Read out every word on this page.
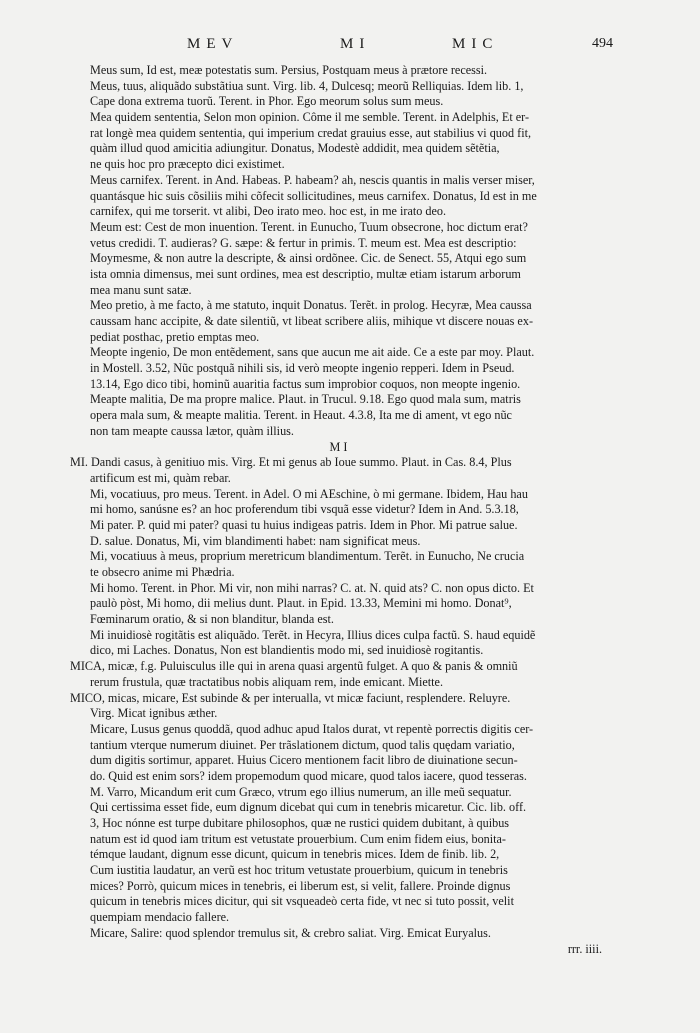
MEV	MI	MIC	494
Meus sum, Id est, meæ potestatis sum. Persius, Postquam meus à prætore recessi.
Meus, tuus, aliquãdo substãtiua sunt. Virg. lib. 4, Dulcesq; meorũ Relliquias. Idem lib. 1,
Cape dona extrema tuorũ. Terent. in Phor. Ego meorum solus sum meus.
Mea quidem sententia, Selon mon opinion. Côme il me semble. Terent. in Adelphis, Et er-
rat longè mea quidem sententia, qui imperium credat grauius esse, aut stabilius vi quod fit,
quàm illud quod amicitia adiungitur. Donatus, Modestè addidit, mea quidem sẽtẽtia,
ne quis hoc pro præcepto dici existimet.
Meus carnifex. Terent. in And. Habeas. P. habeam? ah, nescis quantis in malis verser miser,
quantásque hic suis cõsiliis mihi cõfecit sollicitudines, meus carnifex. Donatus, Id est in me
carnifex, qui me torserit. vt alibi, Deo irato meo. hoc est, in me irato deo.
Meum est: Cest de mon inuention. Terent. in Eunucho, Tuum obsecrone, hoc dictum erat?
vetus credidi. T. audieras? G. sæpe: & fertur in primis. T. meum est. Mea est descriptio:
Moymesme, & non autre la descripte, & ainsi ordõnee. Cic. de Senect. 55, Atqui ego sum
ista omnia dimensus, mei sunt ordines, mea est descriptio, multæ etiam istarum arborum
mea manu sunt satæ.
Meo pretio, à me facto, à me statuto, inquit Donatus. Terẽt. in prolog. Hecyræ, Mea caussa
caussam hanc accipite, & date silentiũ, vt libeat scribere aliis, mihique vt discere nouas ex-
pediat posthac, pretio emptas meo.
Meopte ingenio, De mon entẽdement, sans que aucun me ait aide. Ce a este par moy. Plaut.
in Mostell. 3.52, Nũc postquã nihili sis, id verò meopte ingenio repperi. Idem in Pseud.
13.14, Ego dico tibi, hominũ auaritia factus sum improbior coquos, non meopte ingenio.
Meapte malitia, De ma propre malice. Plaut. in Trucul. 9.18. Ego quod mala sum, matris
opera mala sum, & meapte malitia. Terent. in Heaut. 4.3.8, Ita me di ament, vt ego nũc
non tam meapte caussa lætor, quàm illius.
MI
MI. Dandi casus, à genitiuo mis. Virg. Et mi genus ab Ioue summo. Plaut. in Cas. 8.4, Plus
artificum est mi, quàm rebar.
Mi, vocatiuus, pro meus. Terent. in Adel. O mi AEschine, ò mi germane. Ibidem, Hau hau
mi homo, sanúsne es? an hoc proferendum tibi vsquã esse videtur? Idem in And. 5.3.18,
Mi pater. P. quid mi pater? quasi tu huius indigeas patris. Idem in Phor. Mi patrue salue.
D. salue. Donatus, Mi, vim blandimenti habet: nam significat meus.
Mi, vocatiuus à meus, proprium meretricum blandimentum. Terẽt. in Eunucho, Ne crucia
te obsecro anime mi Phædria.
Mi homo. Terent. in Phor. Mi vir, non mihi narras? C. at. N. quid ats? C. non opus dicto. Et
paulò pòst, Mi homo, dii melius dunt. Plaut. in Epid. 13.33, Memini mi homo. Donat⁹,
Fœminarum oratio, & si non blanditur, blanda est.
Mi inuidiosè rogitãtis est aliquãdo. Terẽt. in Hecyra, Illius dices culpa factũ. S. haud equidẽ
dico, mi Laches. Donatus, Non est blandientis modo mi, sed inuidiosè rogitantis.
MICA, micæ, f.g. Puluisculus ille qui in arena quasi argentũ fulget. A quo & panis & omniũ
rerum frustula, quæ tractatibus nobis aliquam rem, inde emicant. Miette.
MICO, micas, micare, Est subinde & per interualla, vt micæ faciunt, resplendere. Reluyre.
Virg. Micat ignibus æther.
Micare, Lusus genus quoddã, quod adhuc apud Italos durat, vt repentè porrectis digitis cer-
tantium vterque numerum diuinet. Per trãslationem dictum, quod talis quędam variatio,
dum digitis sortimur, apparet. Huius Cicero mentionem facit libro de diuinatione secun-
do. Quid est enim sors? idem propemodum quod micare, quod talos iacere, quod tesseras.
M. Varro, Micandum erit cum Græco, vtrum ego illius numerum, an ille meũ sequatur.
Qui certissima esset fide, eum dignum dicebat qui cum in tenebris micaretur. Cic. lib. off.
3, Hoc nónne est turpe dubitare philosophos, quæ ne rustici quidem dubitant, à quibus
natum est id quod iam tritum est vetustate prouerbium. Cum enim fidem eius, bonita-
témque laudant, dignum esse dicunt, quicum in tenebris mices. Idem de finib. lib. 2,
Cum iustitia laudatur, an verũ est hoc tritum vetustate prouerbium, quicum in tenebris
mices? Porrò, quicum mices in tenebris, ei liberum est, si velit, fallere. Proinde dignus
quicum in tenebris mices dicitur, qui sit vsqueadeò certa fide, vt nec si tuto possit, velit
quempiam mendacio fallere.
Micare, Salire: quod splendor tremulus sit, & crebro saliat. Virg. Emicat Euryalus.
rrr. iiii.
